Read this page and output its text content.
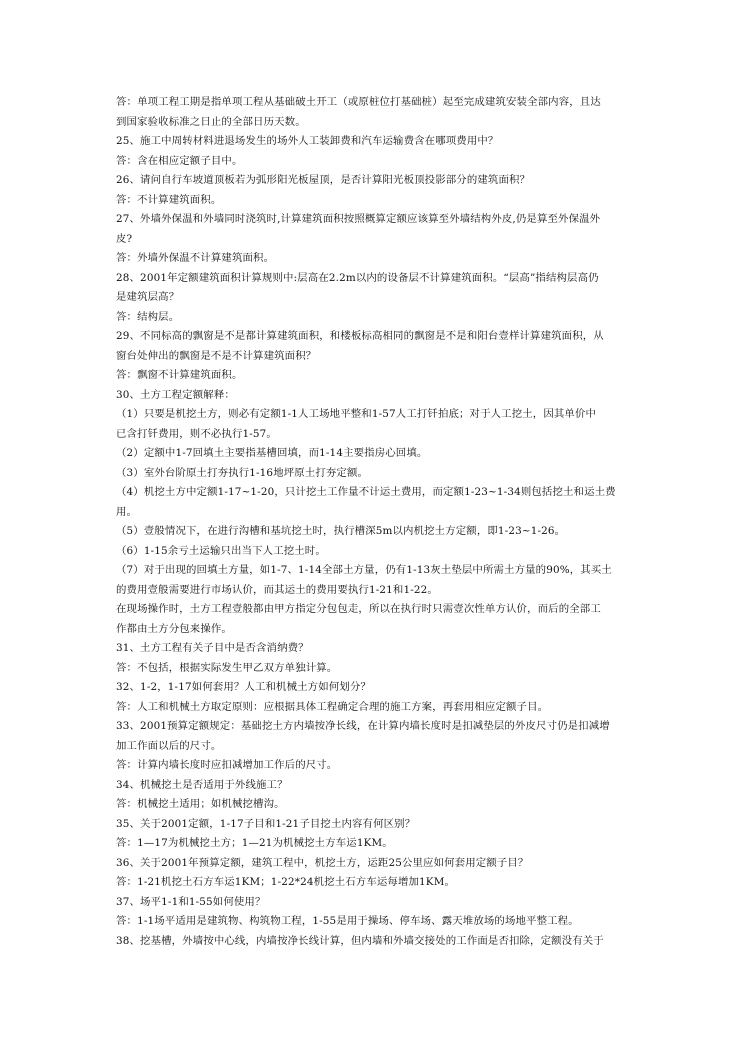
答：单项工程工期是指单项工程从基础破土开工（或原桩位打基础桩）起至完成建筑安装全部内容，且达
到国家验收标准之日止的全部日历天数。
25、施工中周转材料进退场发生的场外人工装卸费和汽车运输费含在哪项费用中？
答：含在相应定额子目中。
26、请问自行车坡道顶板若为弧形阳光板屋顶，是否计算阳光板顶投影部分的建筑面积？
答：不计算建筑面积。
27、外墙外保温和外墙同时浇筑时,计算建筑面积按照概算定额应该算至外墙结构外皮,仍是算至外保温外
皮?
答：外墙外保温不计算建筑面积。
28、2001年定额建筑面积计算规则中:层高在2.2m以内的设备层不计算建筑面积。“层高”指结构层高仍
是建筑层高？
答：结构层。
29、不同标高的飘窗是不是都计算建筑面积，和楼板标高相同的飘窗是不是和阳台壹样计算建筑面积，从
窗台处伸出的飘窗是不是不计算建筑面积？
答：飘窗不计算建筑面积。
30、土方工程定额解释：
（1）只要是机挖土方，则必有定额1-1人工场地平整和1-57人工打钎拍底；对于人工挖土，因其单价中
已含打钎费用，则不必执行1-57。
（2）定额中1-7回填土主要指基槽回填，而1-14主要指房心回填。
（3）室外台阶原土打夯执行1-16地坪原土打夯定额。
（4）机挖土方中定额1-17~1-20，只计挖土工作量不计运土费用，而定额1-23~1-34则包括挖土和运土费
用。
（5）壹般情况下，在进行沟槽和基坑挖土时，执行槽深5m以内机挖土方定额，即1-23~1-26。
（6）1-15余亏土运输只出当下人工挖土时。
（7）对于出现的回填土方量，如1-7、1-14全部土方量，仍有1-13灰土垫层中所需土方量的90%，其买土
的费用壹般需要进行市场认价，而其运土的费用要执行1-21和1-22。
在现场操作时，土方工程壹般都由甲方指定分包包走，所以在执行时只需壹次性单方认价，而后的全部工
作都由土方分包来操作。
31、土方工程有关子目中是否含消纳费？
答：不包括，根据实际发生甲乙双方单独计算。
32、1-2，1-17如何套用？人工和机械土方如何划分？
答：人工和机械土方取定原则：应根据具体工程确定合理的施工方案，再套用相应定额子目。
33、2001预算定额规定：基础挖土方内墙按净长线，在计算内墙长度时是扣减垫层的外皮尺寸仍是扣减增
加工作面以后的尺寸。
答：计算内墙长度时应扣减增加工作后的尺寸。
34、机械挖土是否适用于外线施工？
答：机械挖土适用；如机械挖槽沟。
35、关于2001定额，1-17子目和1-21子目挖土内容有何区别？
答：1—17为机械挖土方；1—21为机械挖土方车运1KM。
36、关于2001年预算定额，建筑工程中，机挖土方，运距25公里应如何套用定额子目？
答：1-21机挖土石方车运1KM；1-22*24机挖土石方车运每增加1KM。
37、场平1-1和1-55如何使用？
答：1-1场平适用是建筑物、构筑物工程，1-55是用于操场、停车场、露天堆放场的场地平整工程。
38、挖基槽，外墙按中心线，内墙按净长线计算，但内墙和外墙交接处的工作面是否扣除，定额没有关于
